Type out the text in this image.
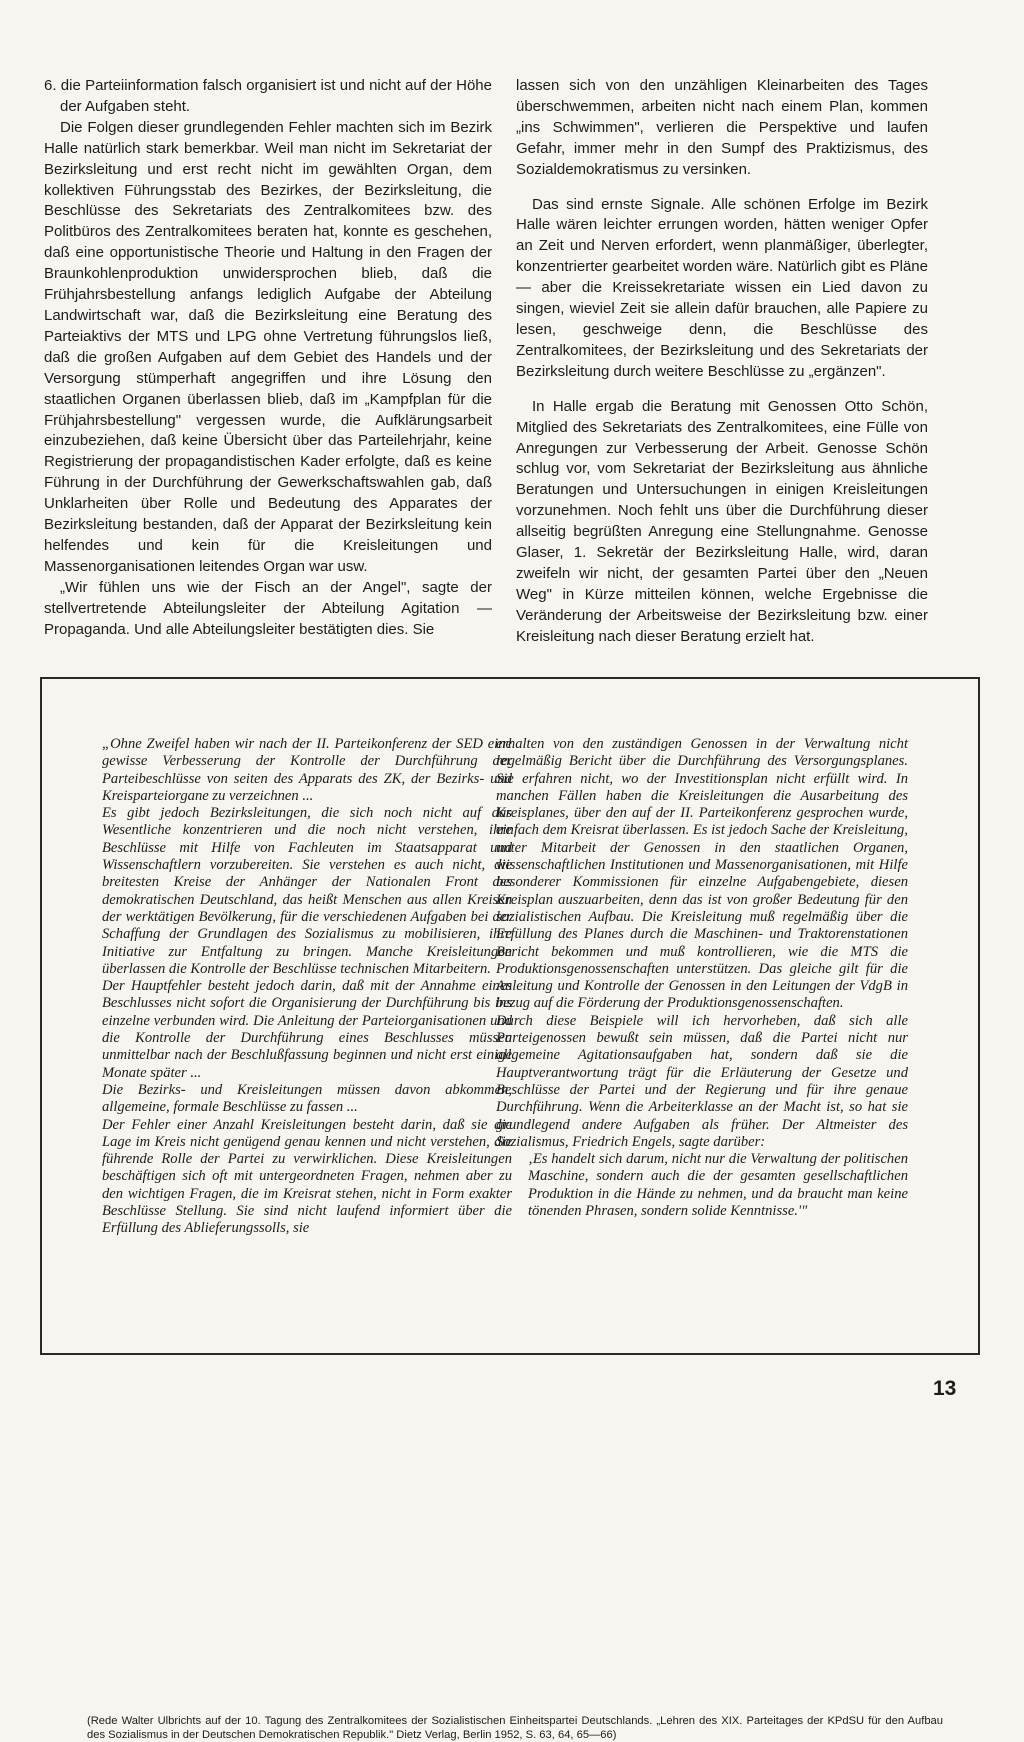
6. die Parteiinformation falsch organisiert ist und nicht auf der Höhe der Aufgaben steht.

Die Folgen dieser grundlegenden Fehler machten sich im Bezirk Halle natürlich stark bemerkbar. Weil man nicht im Sekretariat der Bezirksleitung und erst recht nicht im gewählten Organ, dem kollektiven Führungsstab des Bezirkes, der Bezirksleitung, die Beschlüsse des Sekretariats des Zentralkomitees bzw. des Politbüros des Zentralkomitees beraten hat, konnte es geschehen, daß eine opportunistische Theorie und Haltung in den Fragen der Braunkohlenproduktion unwidersprochen blieb, daß die Frühjahrsbestellung anfangs lediglich Aufgabe der Abteilung Landwirtschaft war, daß die Bezirksleitung eine Beratung des Parteiaktivs der MTS und LPG ohne Vertretung führungslos ließ, daß die großen Aufgaben auf dem Gebiet des Handels und der Versorgung stümperhaft angegriffen und ihre Lösung den staatlichen Organen überlassen blieb, daß im „Kampfplan für die Frühjahrsbestellung" vergessen wurde, die Aufklärungsarbeit einzubeziehen, daß keine Übersicht über das Parteilehrjahr, keine Registrierung der propagandistischen Kader erfolgte, daß es keine Führung in der Durchführung der Gewerkschaftswahlen gab, daß Unklarheiten über Rolle und Bedeutung des Apparates der Bezirksleitung bestanden, daß der Apparat der Bezirksleitung kein helfendes und kein für die Kreisleitungen und Massenorganisationen leitendes Organ war usw.

„Wir fühlen uns wie der Fisch an der Angel", sagte der stellvertretende Abteilungsleiter der Abteilung Agitation — Propaganda. Und alle Abteilungsleiter bestätigten dies. Sie

lassen sich von den unzähligen Kleinarbeiten des Tages überschwemmen, arbeiten nicht nach einem Plan, kommen „ins Schwimmen", verlieren die Perspektive und laufen Gefahr, immer mehr in den Sumpf des Praktizismus, des Sozialdemokratismus zu versinken.

Das sind ernste Signale. Alle schönen Erfolge im Bezirk Halle wären leichter errungen worden, hätten weniger Opfer an Zeit und Nerven erfordert, wenn planmäßiger, überlegter, konzentrierter gearbeitet worden wäre. Natürlich gibt es Pläne — aber die Kreissekretariate wissen ein Lied davon zu singen, wieviel Zeit sie allein dafür brauchen, alle Papiere zu lesen, geschweige denn, die Beschlüsse des Zentralkomitees, der Bezirksleitung und des Sekretariats der Bezirksleitung durch weitere Beschlüsse zu „ergänzen".

In Halle ergab die Beratung mit Genossen Otto Schön, Mitglied des Sekretariats des Zentralkomitees, eine Fülle von Anregungen zur Verbesserung der Arbeit. Genosse Schön schlug vor, vom Sekretariat der Bezirksleitung aus ähnliche Beratungen und Untersuchungen in einigen Kreisleitungen vorzunehmen. Noch fehlt uns über die Durchführung dieser allseitig begrüßten Anregung eine Stellungnahme. Genosse Glaser, 1. Sekretär der Bezirksleitung Halle, wird, daran zweifeln wir nicht, der gesamten Partei über den „Neuen Weg" in Kürze mitteilen können, welche Ergebnisse die Veränderung der Arbeitsweise der Bezirksleitung bzw. einer Kreisleitung nach dieser Beratung erzielt hat.

„Ohne Zweifel haben wir nach der II. Parteikonferenz der SED eine gewisse Verbesserung der Kontrolle der Durchführung der Parteibeschlüsse von seiten des Apparats des ZK, der Bezirks- und Kreisparteiorgane zu verzeichnen ...

Es gibt jedoch Bezirksleitungen, die sich noch nicht auf das Wesentliche konzentrieren und die noch nicht verstehen, ihre Beschlüsse mit Hilfe von Fachleuten im Staatsapparat und Wissenschaftlern vorzubereiten. Sie verstehen es auch nicht, die breitesten Kreise der Anhänger der Nationalen Front des demokratischen Deutschland, das heißt Menschen aus allen Kreisen der werktätigen Bevölkerung, für die verschiedenen Aufgaben bei der Schaffung der Grundlagen des Sozialismus zu mobilisieren, ihre Initiative zur Entfaltung zu bringen. Manche Kreisleitungen überlassen die Kontrolle der Beschlüsse technischen Mitarbeitern.

Der Hauptfehler besteht jedoch darin, daß mit der Annahme eines Beschlusses nicht sofort die Organisierung der Durchführung bis ins einzelne verbunden wird. Die Anleitung der Parteiorganisationen und die Kontrolle der Durchführung eines Beschlusses müssen unmittelbar nach der Beschlußfassung beginnen und nicht erst einige Monate später ...

Die Bezirks- und Kreisleitungen müssen davon abkommen, allgemeine, formale Beschlüsse zu fassen ...

Der Fehler einer Anzahl Kreisleitungen besteht darin, daß sie die Lage im Kreis nicht genügend genau kennen und nicht verstehen, die führende Rolle der Partei zu verwirklichen. Diese Kreisleitungen beschäftigen sich oft mit untergeordneten Fragen, nehmen aber zu den wichtigen Fragen, die im Kreisrat stehen, nicht in Form exakter Beschlüsse Stellung. Sie sind nicht laufend informiert über die Erfüllung des Ablieferungssolls, sie

erhalten von den zuständigen Genossen in der Verwaltung nicht regelmäßig Bericht über die Durchführung des Versorgungsplanes. Sie erfahren nicht, wo der Investitionsplan nicht erfüllt wird. In manchen Fällen haben die Kreisleitungen die Ausarbeitung des Kreisplanes, über den auf der II. Parteikonferenz gesprochen wurde, einfach dem Kreisrat überlassen. Es ist jedoch Sache der Kreisleitung, unter Mitarbeit der Genossen in den staatlichen Organen, wissenschaftlichen Institutionen und Massenorganisationen, mit Hilfe besonderer Kommissionen für einzelne Aufgabengebiete, diesen Kreisplan auszuarbeiten, denn das ist von großer Bedeutung für den sozialistischen Aufbau. Die Kreisleitung muß regelmäßig über die Erfüllung des Planes durch die Maschinen- und Traktorenstationen Bericht bekommen und muß kontrollieren, wie die MTS die Produktionsgenossenschaften unterstützen. Das gleiche gilt für die Anleitung und Kontrolle der Genossen in den Leitungen der VdgB in bezug auf die Förderung der Produktionsgenossenschaften.

Durch diese Beispiele will ich hervorheben, daß sich alle Parteigenossen bewußt sein müssen, daß die Partei nicht nur allgemeine Agitationsaufgaben hat, sondern daß sie die Hauptverantwortung trägt für die Erläuterung der Gesetze und Beschlüsse der Partei und der Regierung und für ihre genaue Durchführung. Wenn die Arbeiterklasse an der Macht ist, so hat sie grundlegend andere Aufgaben als früher. Der Altmeister des Sozialismus, Friedrich Engels, sagte darüber:

‚Es handelt sich darum, nicht nur die Verwaltung der politischen Maschine, sondern auch die der gesamten gesellschaftlichen Produktion in die Hände zu nehmen, und da braucht man keine tönenden Phrasen, sondern solide Kenntnisse.'"

(Rede Walter Ulbrichts auf der 10. Tagung des Zentralkomitees der Sozialistischen Einheitspartei Deutschlands. „Lehren des XIX. Parteitages der KPdSU für den Aufbau des Sozialismus in der Deutschen Demokratischen Republik." Dietz Verlag, Berlin 1952, S. 63, 64, 65—66)
13
